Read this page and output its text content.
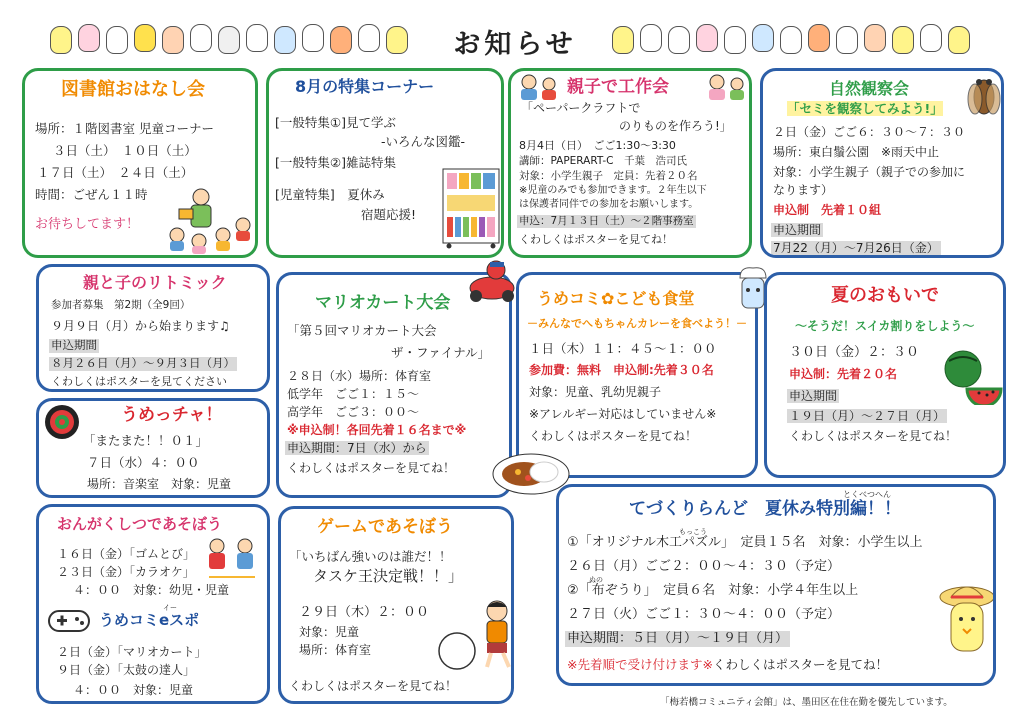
お知らせ
図書館おはなし会
場所：１階図書室 児童コーナー
３日（土）　１０日（土）
１７日（土）　２４日（土）
時間：ごぜん１１時
お待ちしてます！
8月の特集コーナー
[一般特集①]見て学ぶ
-いろんな図鑑-
[一般特集②]雑誌特集
[児童特集]　夏休み
宿題応援!
親子で工作会
「ペーパークラフトで
のりものを作ろう!」
8月4日（日）　ごご1:30～3:30
講師：PAPERART-C　千葉　浩司氏
対象：小学生親子　定員：先着２０名
※児童のみでも参加できます。２年生以下
は保護者同伴での参加をお願いします。
申込：7月１３日（土）～２階事務室
くわしくはポスターを見てね！
自然観察会
「セミを観察してみよう!」
２日（金）ごご６：３０～７：３０
場所：東白鬚公園　※雨天中止
対象：小学生親子（親子での参加に
なります）
申込制　先着１０組
申込期間
7月22（月）～7月26日（金）
親と子のリトミック
参加者募集　第2期（全9回）
９月９日（月）から始まります♫
申込期間
８月２６日（月）～９月３日（月）
くわしくはポスターを見てください
マリオカート大会
「第５回マリオカート大会
ザ・ファイナル」
２８日（水）場所：体育室
低学年　ごご１：１５～
高学年　ごご３：００～
※申込制！各回先着１６名まで※
申込期間：7日（水）から
くわしくはポスターを見てね！
うめコミ✿こども食堂
－みんなでへもちゃんカレーを食べよう！－
１日（木）１１：４５～１：００
参加費：無料　申込制:先着３０名
対象：児童、乳幼児親子
※アレルギー対応はしていません※
くわしくはポスターを見てね！
夏のおもいで
～そうだ！スイカ割りをしよう～
３０日（金）２：３０
申込制：先着２０名
申込期間
１９日（月）～２７日（月）
くわしくはポスターを見てね！
うめっチャ！
「またまた！！０１」
７日（水）４：００
場所：音楽室　対象：児童
おんがくしつであそぼう
１６日（金）「ゴムとび」
２３日（金）「カラオケ」
４：００　対象：幼児・児童
うめコミeスポ
イー
２日（金）「マリオカート」
９日（金）「太鼓の達人」
４：００　対象：児童
ゲームであそぼう
「いちばん強いのは誰だ！！
タスケ王決定戦！！」
２９日（木）２：００
対象：児童
場所：体育室
くわしくはポスターを見てね！
とくべつへん
てづくりらんど　 夏休み特別編！！
もっこう
①「オリジナル木工パズル」　定員１５名　対象：小学生以上
２６日（月）ごご２：００～４：３０（予定）
ぬの
②「布ぞうり」　定員６名　対象：小学４年生以上
２７日（火）ごご１：３０～４：００（予定）
申込期間：５日（月）～１９日（月）
※先着順で受け付けます※くわしくはポスターを見てね！
「梅若橋コミュニティ会館」は、墨田区在住在勤を優先しています。
